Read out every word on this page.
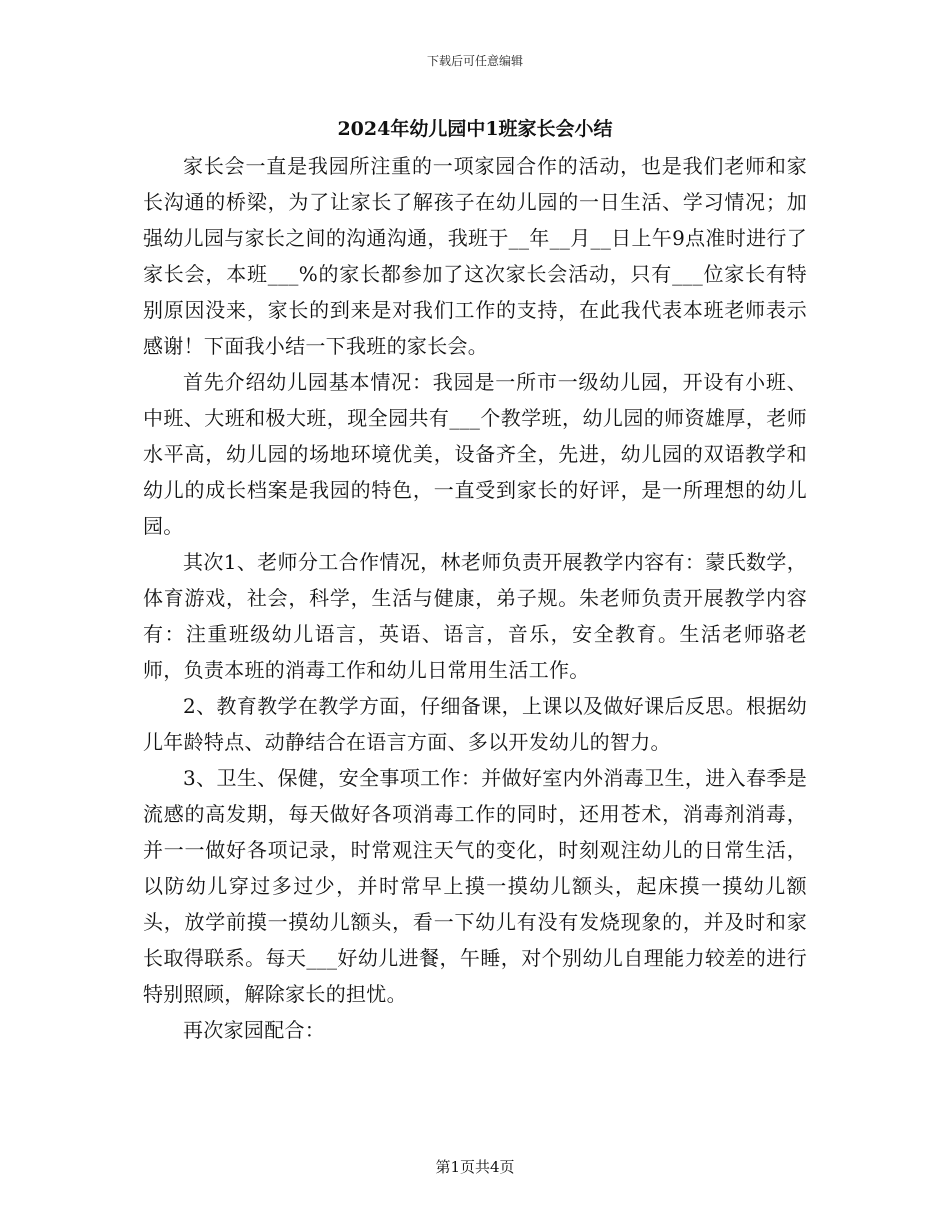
下载后可任意编辑
2024年幼儿园中1班家长会小结

家长会一直是我园所注重的一项家园合作的活动，也是我们老师和家长沟通的桥梁，为了让家长了解孩子在幼儿园的一日生活、学习情况；加强幼儿园与家长之间的沟通沟通，我班于__年__月__日上午9点准时进行了家长会，本班___%的家长都参加了这次家长会活动，只有___位家长有特别原因没来，家长的到来是对我们工作的支持，在此我代表本班老师表示感谢！下面我小结一下我班的家长会。

首先介绍幼儿园基本情况：我园是一所市一级幼儿园，开设有小班、中班、大班和极大班，现全园共有___个教学班，幼儿园的师资雄厚，老师水平高，幼儿园的场地环境优美，设备齐全，先进，幼儿园的双语教学和幼儿的成长档案是我园的特色，一直受到家长的好评，是一所理想的幼儿园。

其次1、老师分工合作情况，林老师负责开展教学内容有：蒙氏数学，体育游戏，社会，科学，生活与健康，弟子规。朱老师负责开展教学内容有：注重班级幼儿语言，英语、语言，音乐，安全教育。生活老师骆老师，负责本班的消毒工作和幼儿日常用生活工作。

2、教育教学在教学方面，仔细备课，上课以及做好课后反思。根据幼儿年龄特点、动静结合在语言方面、多以开发幼儿的智力。

3、卫生、保健，安全事项工作：并做好室内外消毒卫生，进入春季是流感的高发期，每天做好各项消毒工作的同时，还用苍术，消毒剂消毒，并一一做好各项记录，时常观注天气的变化，时刻观注幼儿的日常生活，以防幼儿穿过多过少，并时常早上摸一摸幼儿额头，起床摸一摸幼儿额头，放学前摸一摸幼儿额头，看一下幼儿有没有发烧现象的，并及时和家长取得联系。每天___好幼儿进餐，午睡，对个别幼儿自理能力较差的进行特别照顾，解除家长的担忧。

再次家园配合：

第1页共4页
